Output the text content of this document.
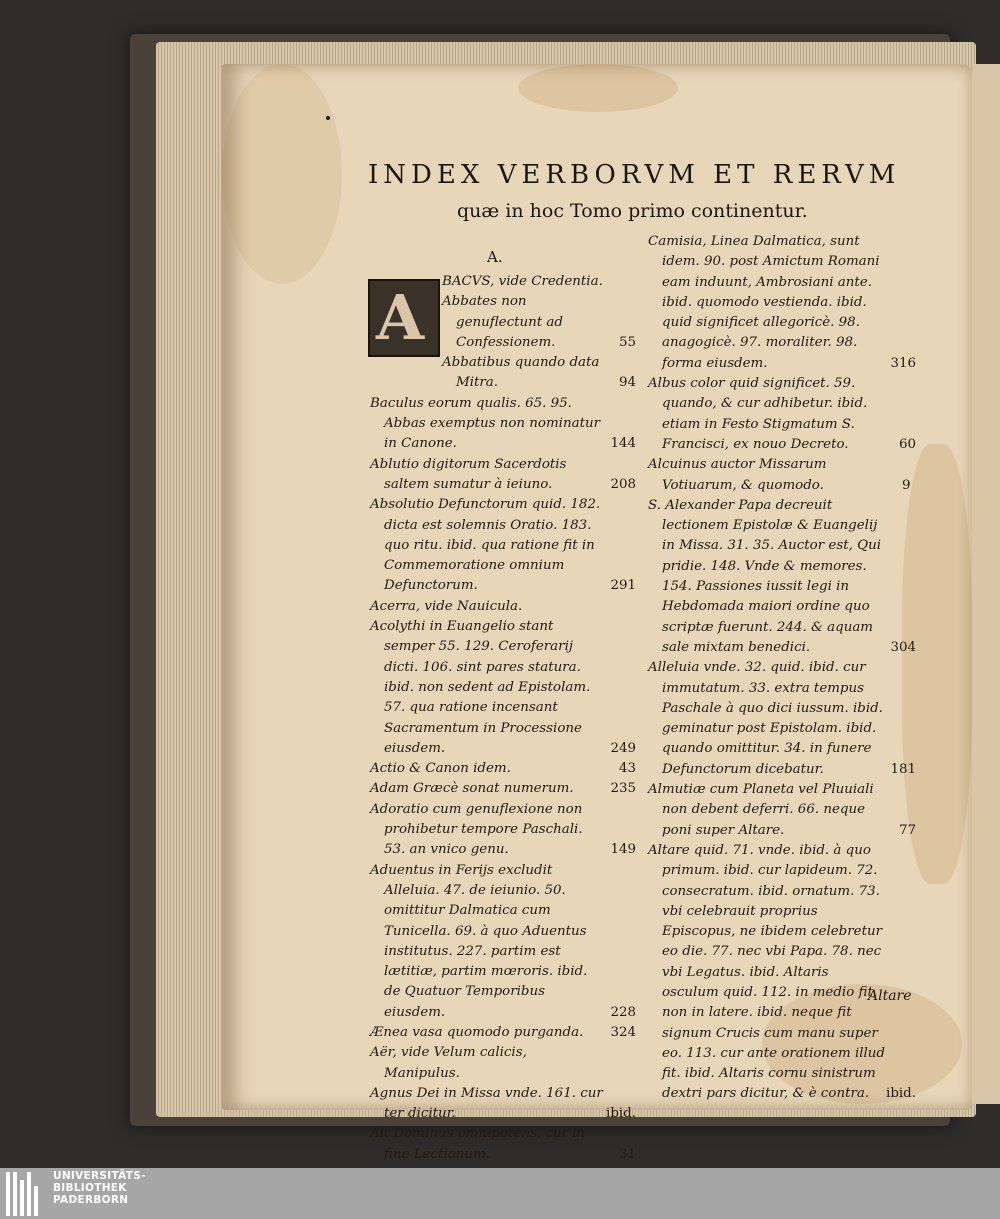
INDEX VERBORVM ET RERVM
quæ in hoc Tomo primo continentur.
A.
A BACVS, vide Credentia.
Abbates non genuflectunt ad Confessionem.	55
Abbatibus quando data Mitra.	94
Baculus eorum qualis. 65. 95. Abbas exemptus non nominatur in Canone.	144
Ablutio digitorum Sacerdotis saltem sumatur à ieiuno.	208
Absolutio Defunctorum quid. 182. dicta est solemnis Oratio. 183. quo ritu. ibid. qua ratione fit in Commemoratione omnium Defunctorum.	291
Acerra, vide Nauicula.
Acolythi in Euangelio stant semper 55. 129. Ceroferarij dicti. 106. sint pares statura. ibid. non sedent ad Epistolam. 57. qua ratione incensant Sacramentum in Processione eiusdem.	249
Actio & Canon idem.	43
Adam Græcè sonat numerum.	235
Adoratio cum genuflexione non prohibetur tempore Paschali. 53. an vnico genu.	149
Aduentus in Ferijs excludit Alleluia. 47. de ieiunio. 50. omittitur Dalmatica cum Tunicella. 69. à quo Aduentus institutus. 227. partim est lætitiæ, partim mœroris. ibid. de Quatuor Temporibus eiusdem.	228
Ænea vasa quomodo purganda. 324
Aër, vide Velum calicis, Manipulus.
Agnus Dei in Missa vnde. 161. cur ter dicitur.	ibid.
Ait Dominus omnipotens, cur in fine Lectionum.	31
Camisia, Linea Dalmatica, sunt idem. 90. post Amictum Romani eam induunt, Ambrosiani ante. ibid. quomodo vestienda. ibid. quid significet allegoricè. 98. anagogicè. 97. moraliter. 98. forma eiusdem.	316
Albus color quid significet. 59. quando, & cur adhibetur. ibid. etiam in Festo Stigmatum S. Francisci, ex nouo Decreto.	60
Alcuinus auctor Missarum Votiuarum, & quomodo.	9
S. Alexander Papa decreuit lectionem Epistolæ & Euangelij in Missa. 31. 35. Auctor est, Qui pridie. 148. Vnde & memores. 154. Passiones iussit legi in Hebdomada maiori ordine quo scriptæ fuerunt. 244. & aquam sale mixtam benedici.	304
Alleluia vnde. 32. quid. ibid. cur immutatum. 33. extra tempus Paschale à quo dici iussum. ibid. geminatur post Epistolam. ibid. quando omittitur. 34. in funere Defunctorum dicebatur.	181
Almutiæ cum Planeta vel Pluuiali non debent deferri. 66. neque poni super Altare.	77
Altare quid. 71. vnde. ibid. à quo primum. ibid. cur lapideum. 72. consecratum. ibid. ornatum. 73. vbi celebrauit proprius Episcopus, ne ibidem celebretur eo die. 77. nec vbi Papa. 78. nec vbi Legatus. ibid. Altaris osculum quid. 112. in medio fit, non in latere. ibid. neque fit signum Crucis cum manu super eo. 113. cur ante orationem illud fit. ibid. Altaris cornu sinistrum dextri pars dicitur, & è contra. ibid.
Altare
UNIVERSITÄTS-
BIBLIOTHEK
PADERBORN
